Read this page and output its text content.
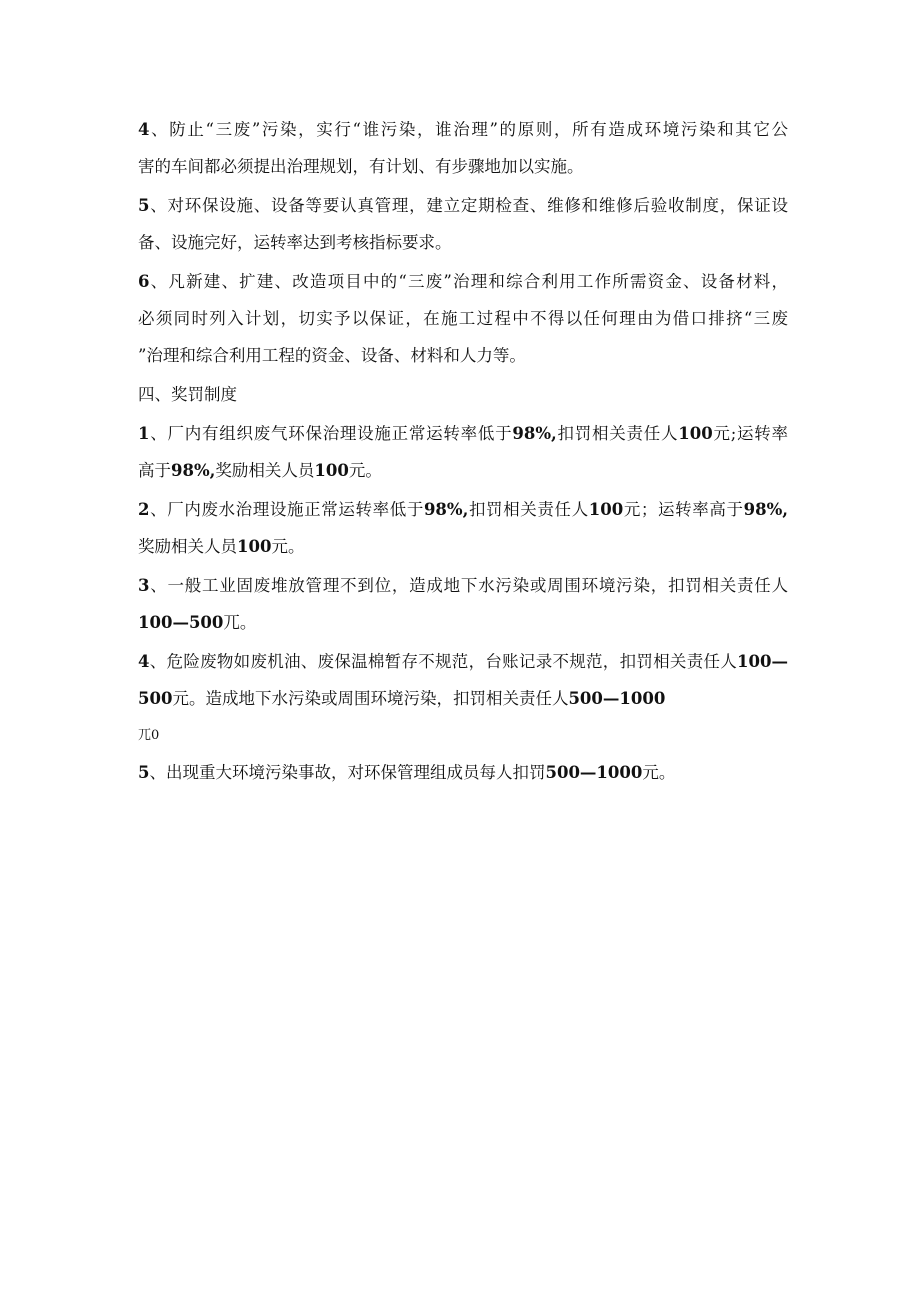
4、防止“三废”污染，实行“谁污染，谁治理”的原则，所有造成环境污染和其它公
害的车间都必须提出治理规划，有计划、有步骤地加以实施。
5、对环保设施、设备等要认真管理，建立定期检查、维修和维修后验收制度，保证设
备、设施完好，运转率达到考核指标要求。
6、凡新建、扩建、改造项目中的“三废”治理和综合利用工作所需资金、设备材料，
必须同时列入计划，切实予以保证，在施工过程中不得以任何理由为借口排挤“三废
”治理和综合利用工程的资金、设备、材料和人力等。
四、奖罚制度
1、厂内有组织废气环保治理设施正常运转率低于98%,扣罚相关责任人100元;运转率
高于98%,奖励相关人员100元。
2、厂内废水治理设施正常运转率低于98%,扣罚相关责任人100元；运转率高于98%,
奖励相关人员100元。
3、一般工业固废堆放管理不到位，造成地下水污染或周围环境污染，扣罚相关责任人
100—500兀。
4、危险废物如废机油、废保温棉暂存不规范，台账记录不规范，扣罚相关责任人100—
500元。造成地下水污染或周围环境污染，扣罚相关责任人500—1000
兀0
5、出现重大环境污染事故，对环保管理组成员每人扣罚500—1000元。
